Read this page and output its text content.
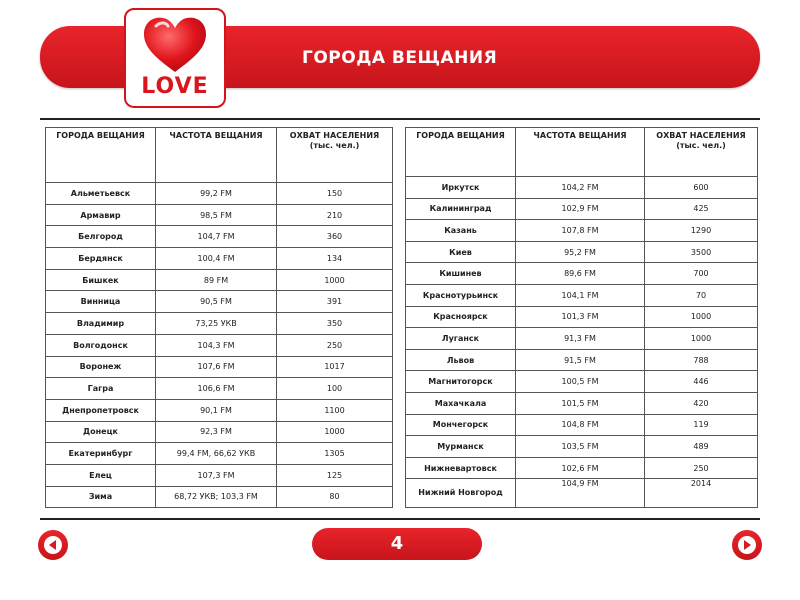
ГОРОДА ВЕЩАНИЯ
LOVE
ГОРОДА ВЕЩАНИЯ	ЧАСТОТА ВЕЩАНИЯ	ОХВАТ НАСЕЛЕНИЯ (тыс. чел.)
Альметьевск	99,2 FM	150
Армавир	98,5 FM	210
Белгород	104,7 FM	360
Бердянск	100,4 FM	134
Бишкек	89 FM	1000
Винница	90,5 FM	391
Владимир	73,25 УКВ	350
Волгодонск	104,3 FM	250
Воронеж	107,6 FM	1017
Гагра	106,6 FM	100
Днепропетровск	90,1 FM	1100
Донецк	92,3 FM	1000
Екатеринбург	99,4 FM, 66,62 УКВ	1305
Елец	107,3 FM	125
Зима	68,72 УКВ; 103,3 FM	80
ГОРОДА ВЕЩАНИЯ	ЧАСТОТА ВЕЩАНИЯ	ОХВАТ НАСЕЛЕНИЯ (тыс. чел.)
Иркутск	104,2 FM	600
Калининград	102,9 FM	425
Казань	107,8 FM	1290
Киев	95,2 FM	3500
Кишинев	89,6 FM	700
Краснотурьинск	104,1 FM	70
Красноярск	101,3 FM	1000
Луганск	91,3 FM	1000
Львов	91,5 FM	788
Магнитогорск	100,5 FM	446
Махачкала	101,5 FM	420
Мончегорск	104,8 FM	119
Мурманск	103,5 FM	489
Нижневартовск	102,6 FM	250
Нижний Новгород	104,9 FM	2014
4
